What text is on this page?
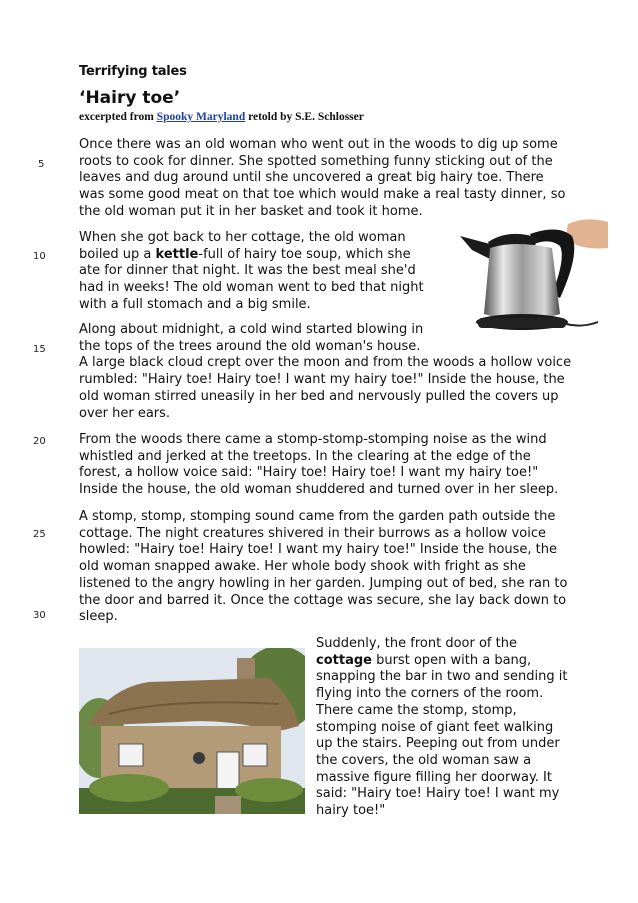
Terrifying tales
‘Hairy toe’
excerpted from Spooky Maryland retold by S.E. Schlosser
5
10
15
20
25
30
Once there was an old woman who went out in the woods to dig up some
roots to cook for dinner. She spotted something funny sticking out of the
leaves and dug around until she uncovered a great big hairy toe. There
was some good meat on that toe which would make a real tasty dinner, so
the old woman put it in her basket and took it home.
When she got back to her cottage, the old woman
boiled up a kettle-full of hairy toe soup, which she
ate for dinner that night. It was the best meal she'd
had in weeks! The old woman went to bed that night
with a full stomach and a big smile.
Along about midnight, a cold wind started blowing in
the tops of the trees around the old woman's house.
A large black cloud crept over the moon and from the woods a hollow voice
rumbled: "Hairy toe! Hairy toe! I want my hairy toe!" Inside the house, the
old woman stirred uneasily in her bed and nervously pulled the covers up
over her ears.
From the woods there came a stomp-stomp-stomping noise as the wind
whistled and jerked at the treetops. In the clearing at the edge of the
forest, a hollow voice said: "Hairy toe! Hairy toe! I want my hairy toe!"
Inside the house, the old woman shuddered and turned over in her sleep.
A stomp, stomp, stomping sound came from the garden path outside the
cottage. The night creatures shivered in their burrows as a hollow voice
howled: "Hairy toe! Hairy toe! I want my hairy toe!" Inside the house, the
old woman snapped awake. Her whole body shook with fright as she
listened to the angry howling in her garden. Jumping out of bed, she ran to
the door and barred it. Once the cottage was secure, she lay back down to
sleep.
Suddenly, the front door of the
cottage burst open with a bang,
snapping the bar in two and sending it
flying into the corners of the room.
There came the stomp, stomp,
stomping noise of giant feet walking
up the stairs. Peeping out from under
the covers, the old woman saw a
massive figure filling her doorway. It
said: "Hairy toe! Hairy toe! I want my
hairy toe!"
